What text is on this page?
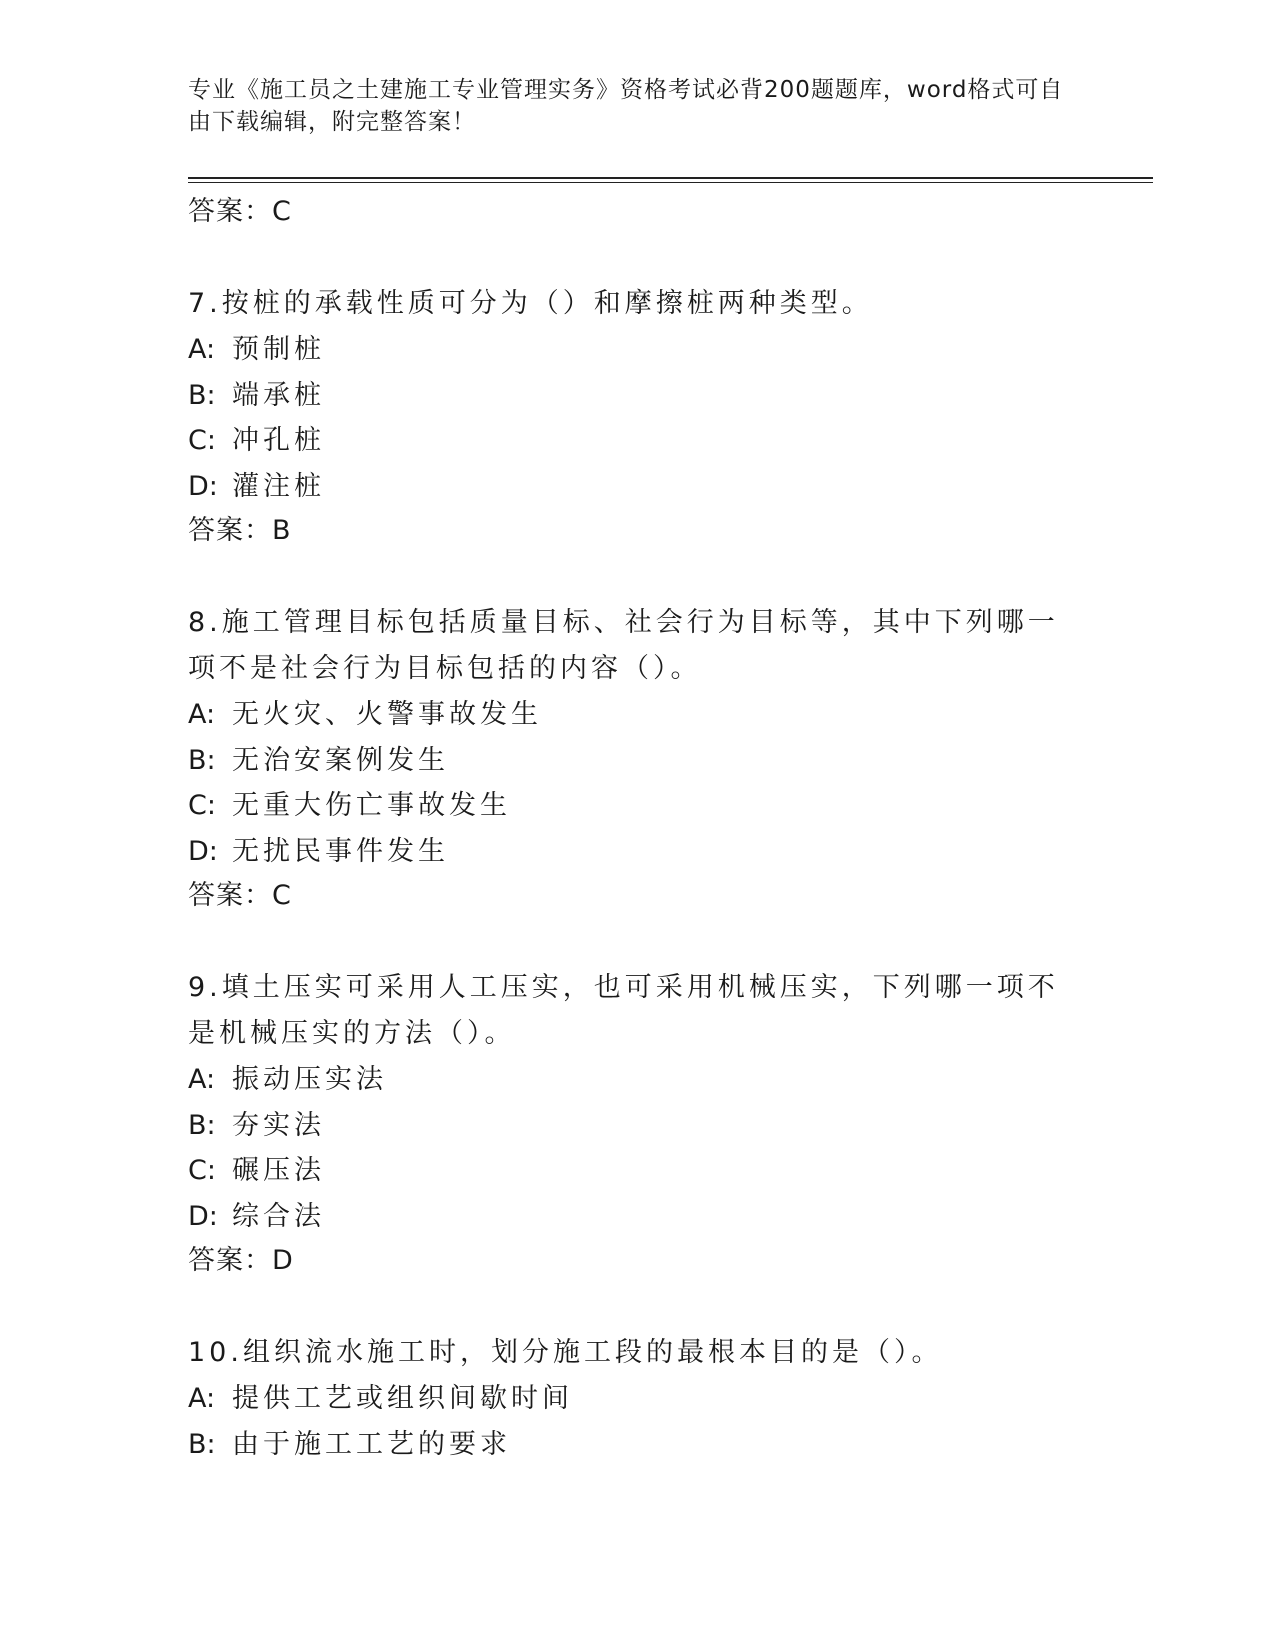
专业《施工员之土建施工专业管理实务》资格考试必背200题题库，word格式可自由下载编辑，附完整答案！
答案：C
7.按桩的承载性质可分为（）和摩擦桩两种类型。
A: 预制桩
B: 端承桩
C: 冲孔桩
D: 灌注桩
答案：B
8.施工管理目标包括质量目标、社会行为目标等，其中下列哪一项不是社会行为目标包括的内容（）。
A: 无火灾、火警事故发生
B: 无治安案例发生
C: 无重大伤亡事故发生
D: 无扰民事件发生
答案：C
9.填土压实可采用人工压实，也可采用机械压实，下列哪一项不是机械压实的方法（）。
A: 振动压实法
B: 夯实法
C: 碾压法
D: 综合法
答案：D
10.组织流水施工时，划分施工段的最根本目的是（）。
A: 提供工艺或组织间歇时间
B: 由于施工工艺的要求
